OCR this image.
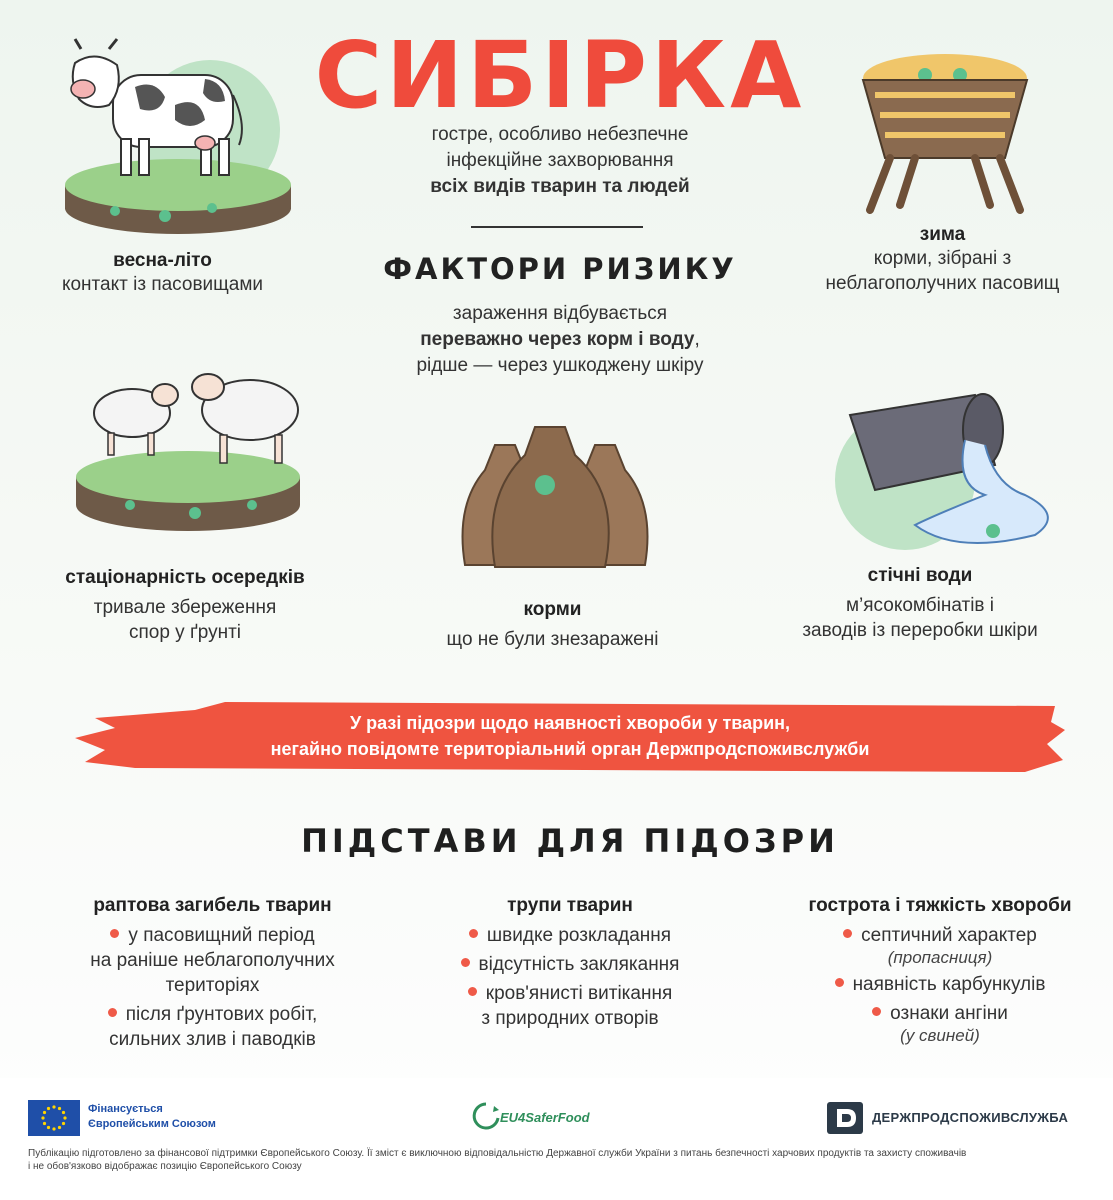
СИБІРКА
гостре, особливо небезпечне
інфекційне захворювання
всіх видів тварин та людей
ФАКТОРИ РИЗИКУ
зараження відбувається
переважно через корм і воду,
рідше — через ушкоджену шкіру
весна-літо
контакт із пасовищами
зима
корми, зібрані з
неблагополучних пасовищ
стаціонарність осередків
тривале збереження
спор у ґрунті
корми
що не були знезаражені
стічні води
м’ясокомбінатів і
заводів із переробки шкіри
У разі підозри щодо наявності хвороби у тварин,
негайно повідомте територіальний орган Держпродспоживслужби
ПІДСТАВИ ДЛЯ ПІДОЗРИ
раптова загибель тварин
у пасовищний період
на раніше неблагополучних
територіях
після ґрунтових робіт,
сильних злив і паводків
трупи тварин
швидке розкладання
відсутність заклякання
кров'янисті витікання
з природних отворів
гострота і тяжкість хвороби
септичний характер
(пропасниця)
наявність карбункулів
ознаки ангіни
(у свиней)
Фінансується
Європейським Союзом	EU4SaferFood	ДЕРЖПРОДСПОЖИВСЛУЖБА
Публікацію підготовлено за фінансової підтримки Європейського Союзу. Її зміст є виключною відповідальністю Державної служби України з питань безпечності харчових продуктів та захисту споживачів
і не обов'язково відображає позицію Європейського Союзу
